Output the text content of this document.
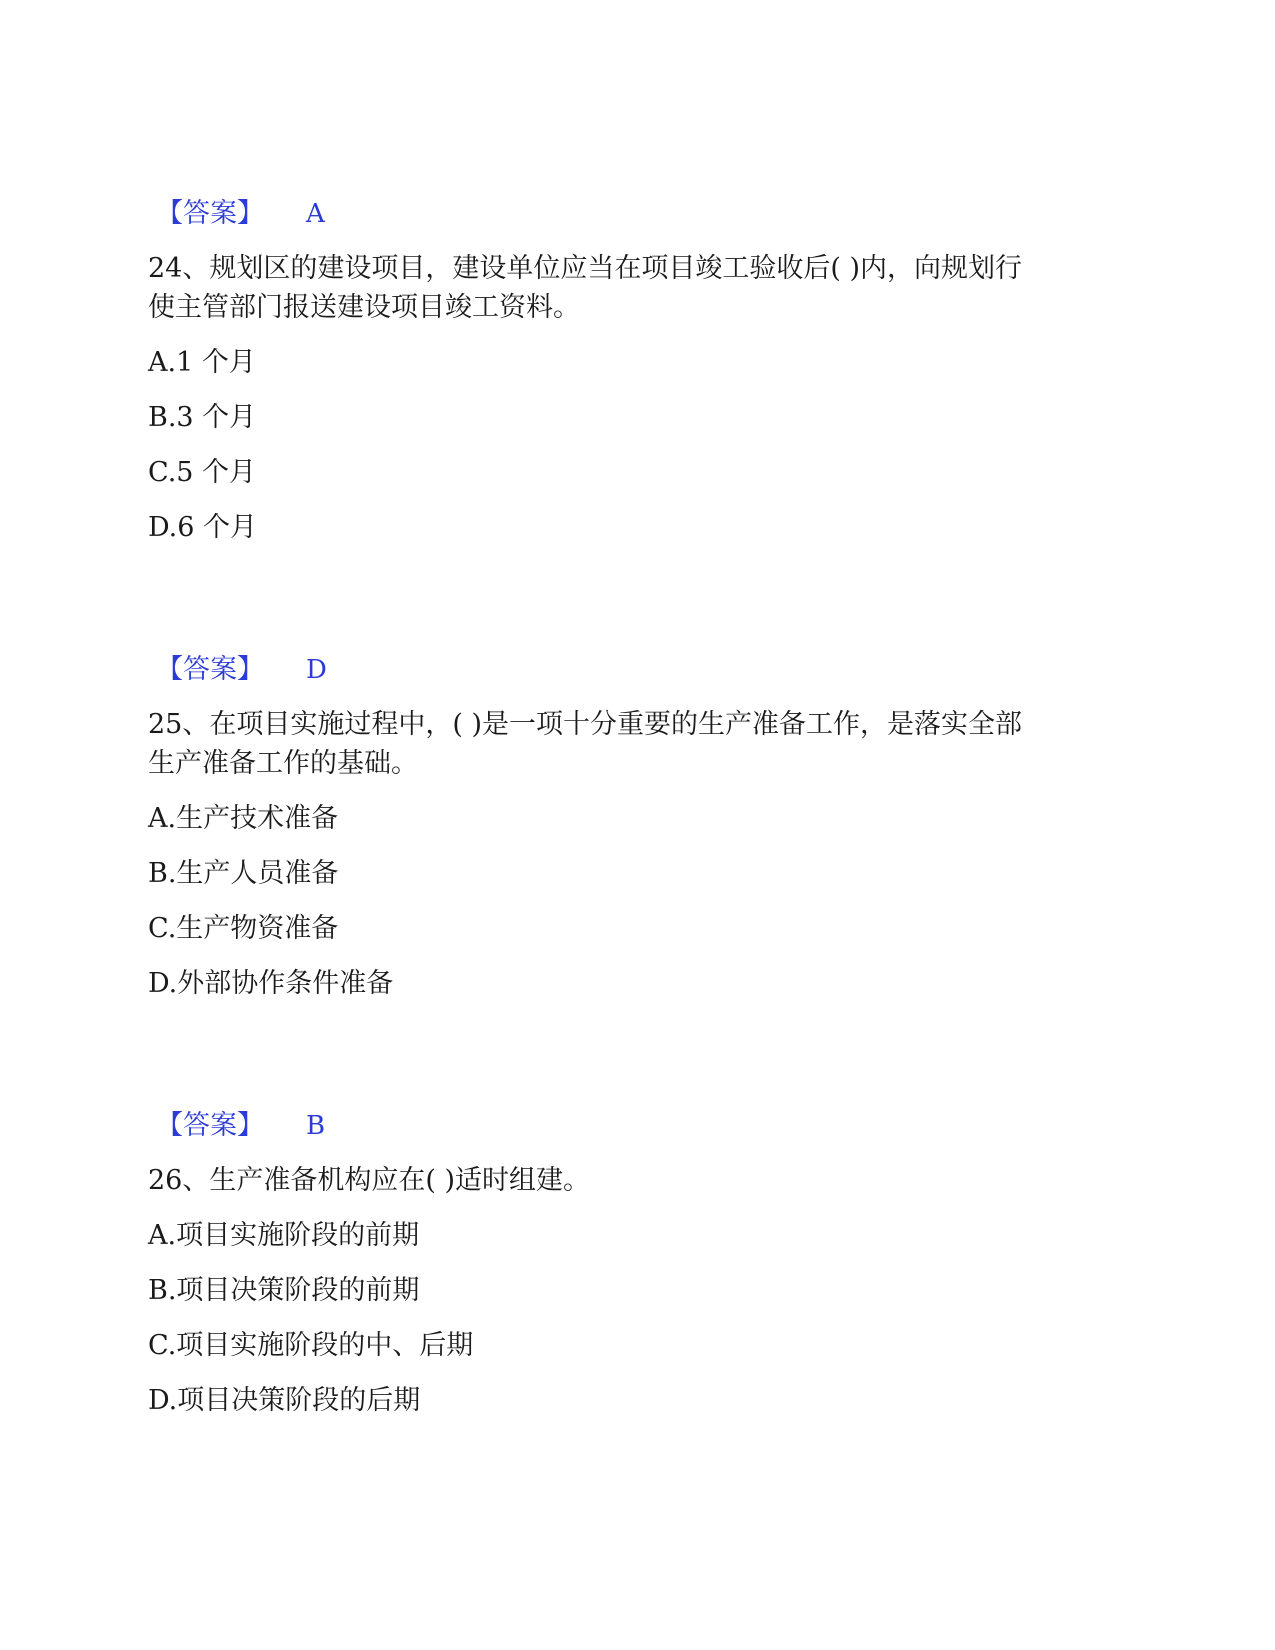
【答案】 A
24、规划区的建设项目，建设单位应当在项目竣工验收后( )内，向规划行
使主管部门报送建设项目竣工资料。
A.1 个月
B.3 个月
C.5 个月
D.6 个月
【答案】 D
25、在项目实施过程中，( )是一项十分重要的生产准备工作，是落实全部
生产准备工作的基础。
A.生产技术准备
B.生产人员准备
C.生产物资准备
D.外部协作条件准备
【答案】 B
26、生产准备机构应在( )适时组建。
A.项目实施阶段的前期
B.项目决策阶段的前期
C.项目实施阶段的中、后期
D.项目决策阶段的后期
